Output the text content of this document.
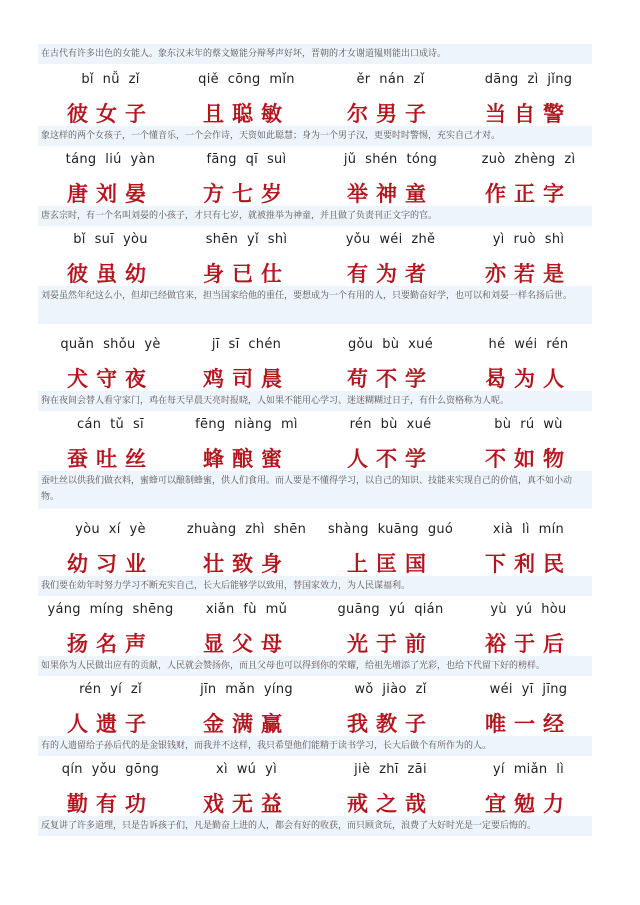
在古代有许多出色的女能人。象东汉末年的蔡文姬能分辩琴声好坏，晋朝的才女谢道韫则能出口成诗。
bǐ  nǚ  zǐ
彼女子
qiě  cōng  mǐn
且聪敏
ěr  nán  zǐ
尔男子
dāng  zì  jǐng
当自警
象这样的两个女孩子，一个懂音乐，一个会作诗，天资如此聪慧；身为一个男子汉，更要时时警惕，充实自己才对。
táng  liú  yàn
唐刘晏
fāng  qī  suì
方七岁
jǔ  shén  tóng
举神童
zuò  zhèng  zì
作正字
唐玄宗时，有一个名叫刘晏的小孩子，才只有七岁，就被推举为神童，并且做了负责刊正文字的官。
bǐ  suī  yòu
彼虽幼
shēn  yǐ  shì
身已仕
yǒu  wéi  zhě
有为者
yì  ruò  shì
亦若是
刘晏虽然年纪这么小，但却已经做官来，担当国家给他的重任，要想成为一个有用的人，只要勤奋好学，也可以和刘晏一样名扬后世。
quǎn  shǒu  yè
犬守夜
jī  sī  chén
鸡司晨
gǒu  bù  xué
苟不学
hé  wéi  rén
曷为人
狗在夜间会替人看守家门，鸡在每天早晨天亮时报晓，人如果不能用心学习、迷迷糊糊过日子，有什么资格称为人呢。
cán  tǔ  sī
蚕吐丝
fēng  niàng  mì
蜂酿蜜
rén  bù  xué
人不学
bù  rú  wù
不如物
蚕吐丝以供我们做衣料，蜜蜂可以酿制蜂蜜，供人们食用。而人要是不懂得学习，以自己的知识、技能来实现自己的价值，真不如小动物。
yòu  xí  yè
幼习业
zhuàng  zhì  shēn
壮致身
shàng  kuāng  guó
上匡国
xià  lì  mín
下利民
我们要在幼年时努力学习不断充实自己，长大后能够学以致用，替国家效力，为人民谋福利。
yáng  míng  shēng
扬名声
xiǎn  fù  mǔ
显父母
guāng  yú  qián
光于前
yù  yú  hòu
裕于后
如果你为人民做出应有的贡献，人民就会赞扬你，而且父母也可以得到你的荣耀，给祖先增添了光彩，也给下代留下好的榜样。
rén  yí  zǐ
人遗子
jīn  mǎn  yíng
金满赢
wǒ  jiào  zǐ
我教子
wéi  yī  jīng
唯一经
有的人遗留给子孙后代的是金银钱财，而我并不这样，我只希望他们能精于读书学习，长大后做个有所作为的人。
qín  yǒu  gōng
勤有功
xì  wú  yì
戏无益
jiè  zhī  zāi
戒之哉
yí  miǎn  lì
宜勉力
反复讲了许多道理，只是告诉孩子们，凡是勤奋上进的人，都会有好的收获，而只顾贪玩，浪费了大好时光是一定要后悔的。
